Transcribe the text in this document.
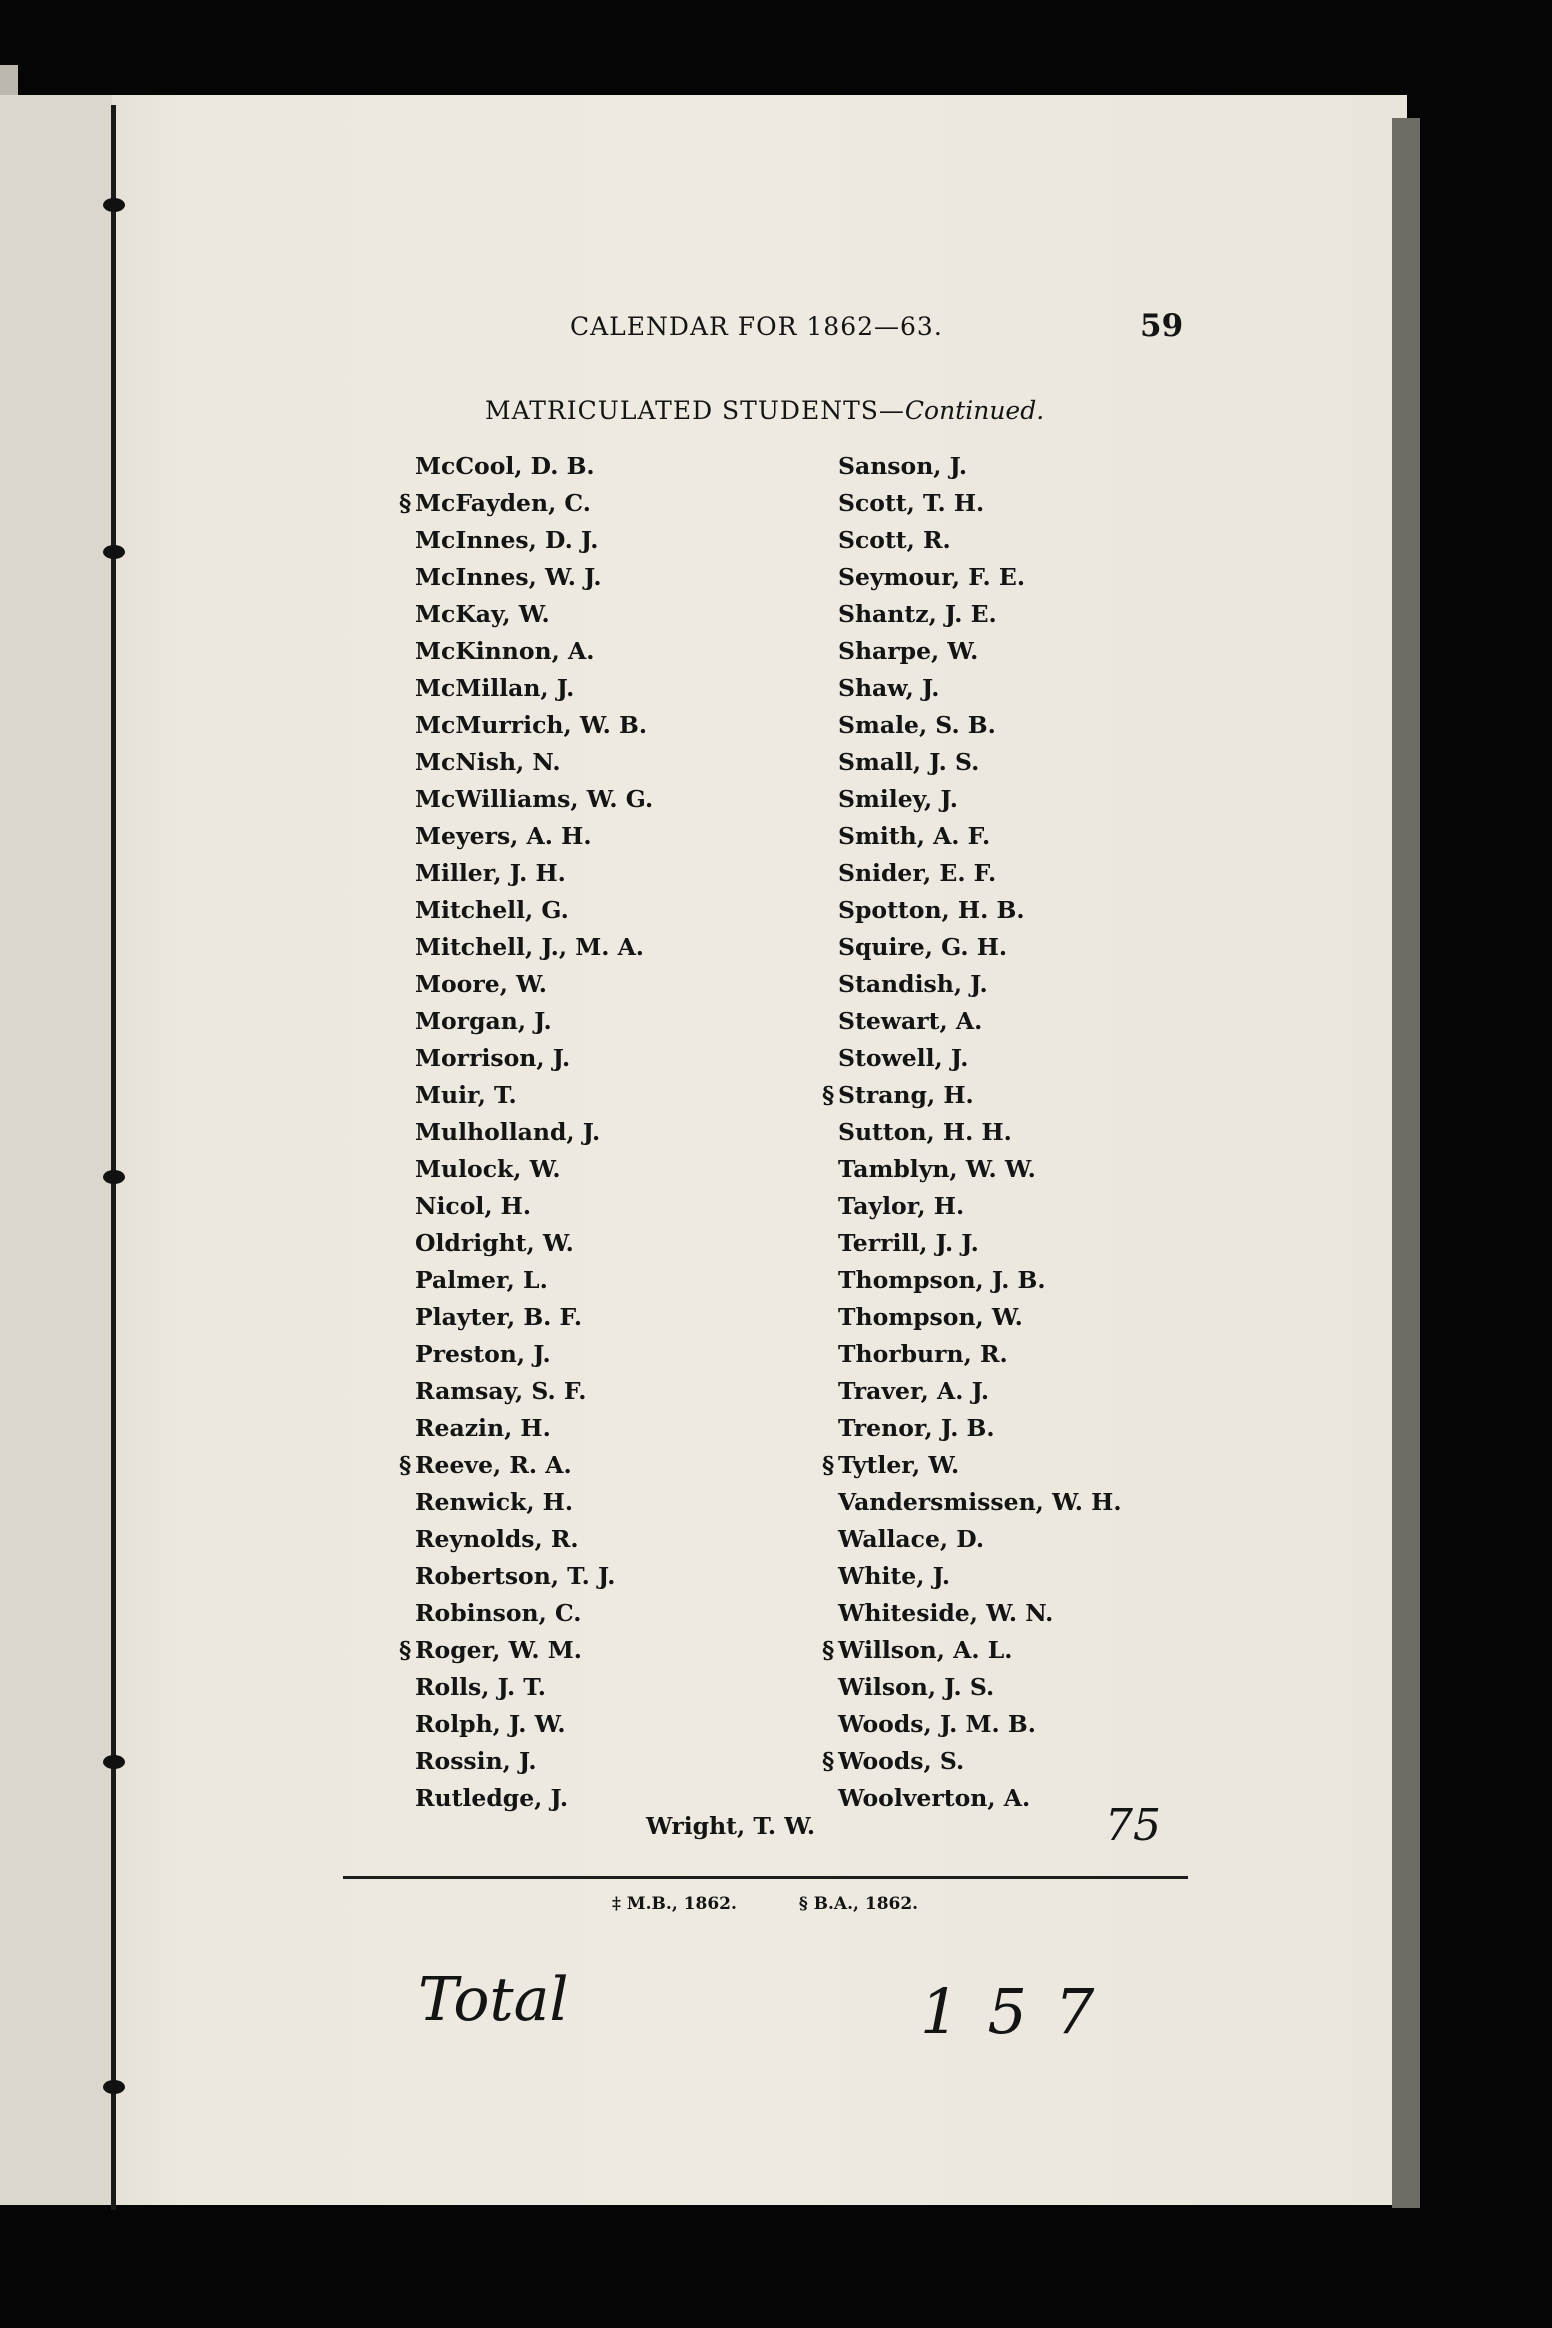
CALENDAR FOR 1862—63.	59
MATRICULATED STUDENTS—Continued.
McCool, D. B.
§ McFayden, C.
McInnes, D. J.
McInnes, W. J.
McKay, W.
McKinnon, A.
McMillan, J.
McMurrich, W. B.
McNish, N.
McWilliams, W. G.
Meyers, A. H.
Miller, J. H.
Mitchell, G.
Mitchell, J., M. A.
Moore, W.
Morgan, J.
Morrison, J.
Muir, T.
Mulholland, J.
Mulock, W.
Nicol, H.
Oldright, W.
Palmer, L.
Playter, B. F.
Preston, J.
Ramsay, S. F.
Reazin, H.
§ Reeve, R. A.
Renwick, H.
Reynolds, R.
Robertson, T. J.
Robinson, C.
§ Roger, W. M.
Rolls, J. T.
Rolph, J. W.
Rossin, J.
Rutledge, J.
Sanson, J.
Scott, T. H.
Scott, R.
Seymour, F. E.
Shantz, J. E.
Sharpe, W.
Shaw, J.
Smale, S. B.
Small, J. S.
Smiley, J.
Smith, A. F.
Snider, E. F.
Spotton, H. B.
Squire, G. H.
Standish, J.
Stewart, A.
Stowell, J.
§ Strang, H.
Sutton, H. H.
Tamblyn, W. W.
Taylor, H.
Terrill, J. J.
Thompson, J. B.
Thompson, W.
Thorburn, R.
Traver, A. J.
Trenor, J. B.
§ Tytler, W.
Vandersmissen, W. H.
Wallace, D.
White, J.
Whiteside, W. N.
§ Willson, A. L.
Wilson, J. S.
Woods, J. M. B.
§ Woods, S.
Woolverton, A.
Wright, T. W.	75
‡ M.B., 1862.	§ B.A., 1862.
Total	157
